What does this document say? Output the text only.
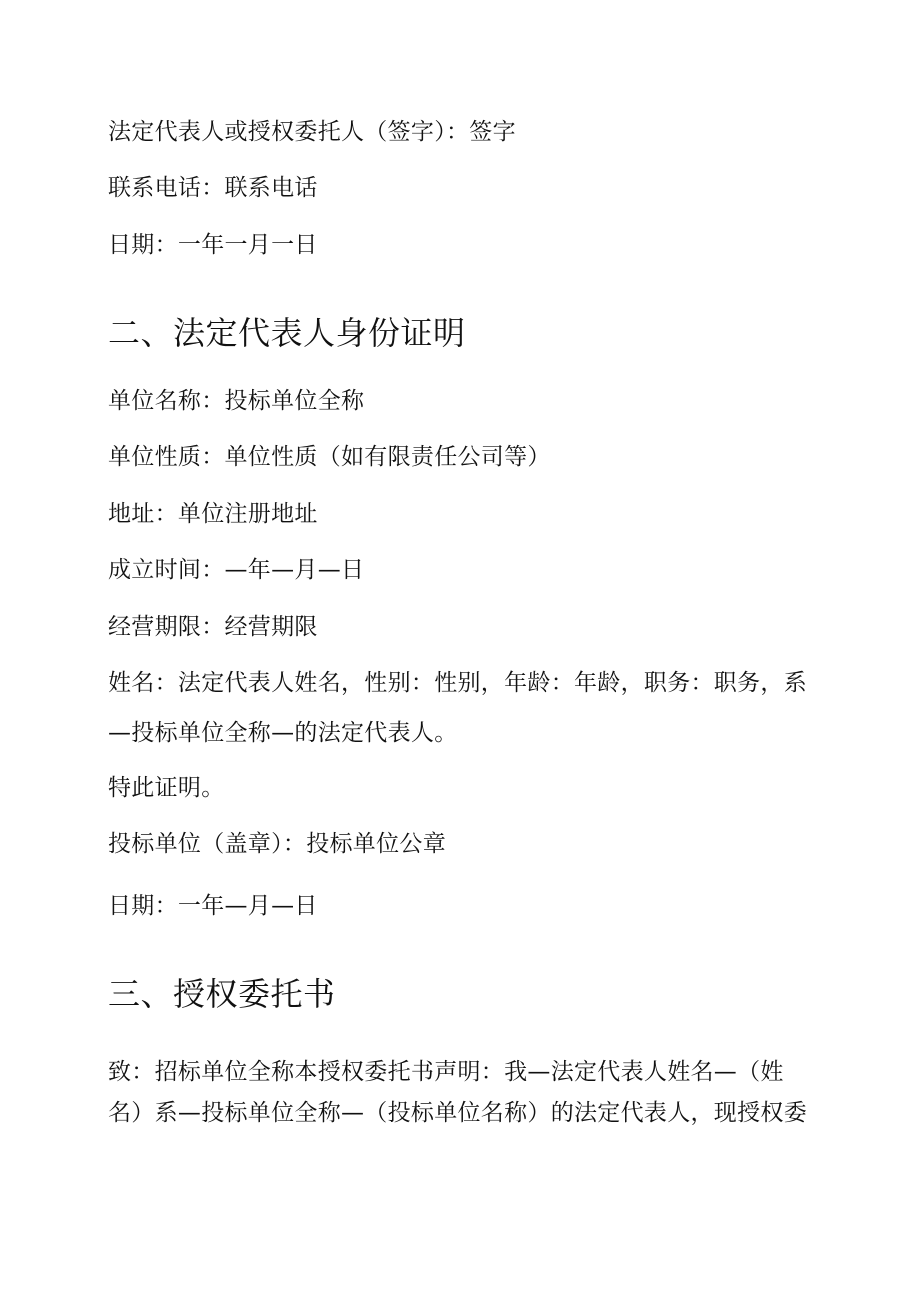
法定代表人或授权委托人（签字）：签字
联系电话：联系电话
日期：一年一月一日
二、法定代表人身份证明
单位名称：投标单位全称
单位性质：单位性质（如有限责任公司等）
地址：单位注册地址
成立时间：—年—月—日
经营期限：经营期限
姓名：法定代表人姓名，性别：性别，年龄：年龄，职务：职务，系
—投标单位全称—的法定代表人。
特此证明。
投标单位（盖章）：投标单位公章
日期：一年—月—日
三、授权委托书
致：招标单位全称本授权委托书声明：我—法定代表人姓名—（姓
名）系—投标单位全称—（投标单位名称）的法定代表人，现授权委
